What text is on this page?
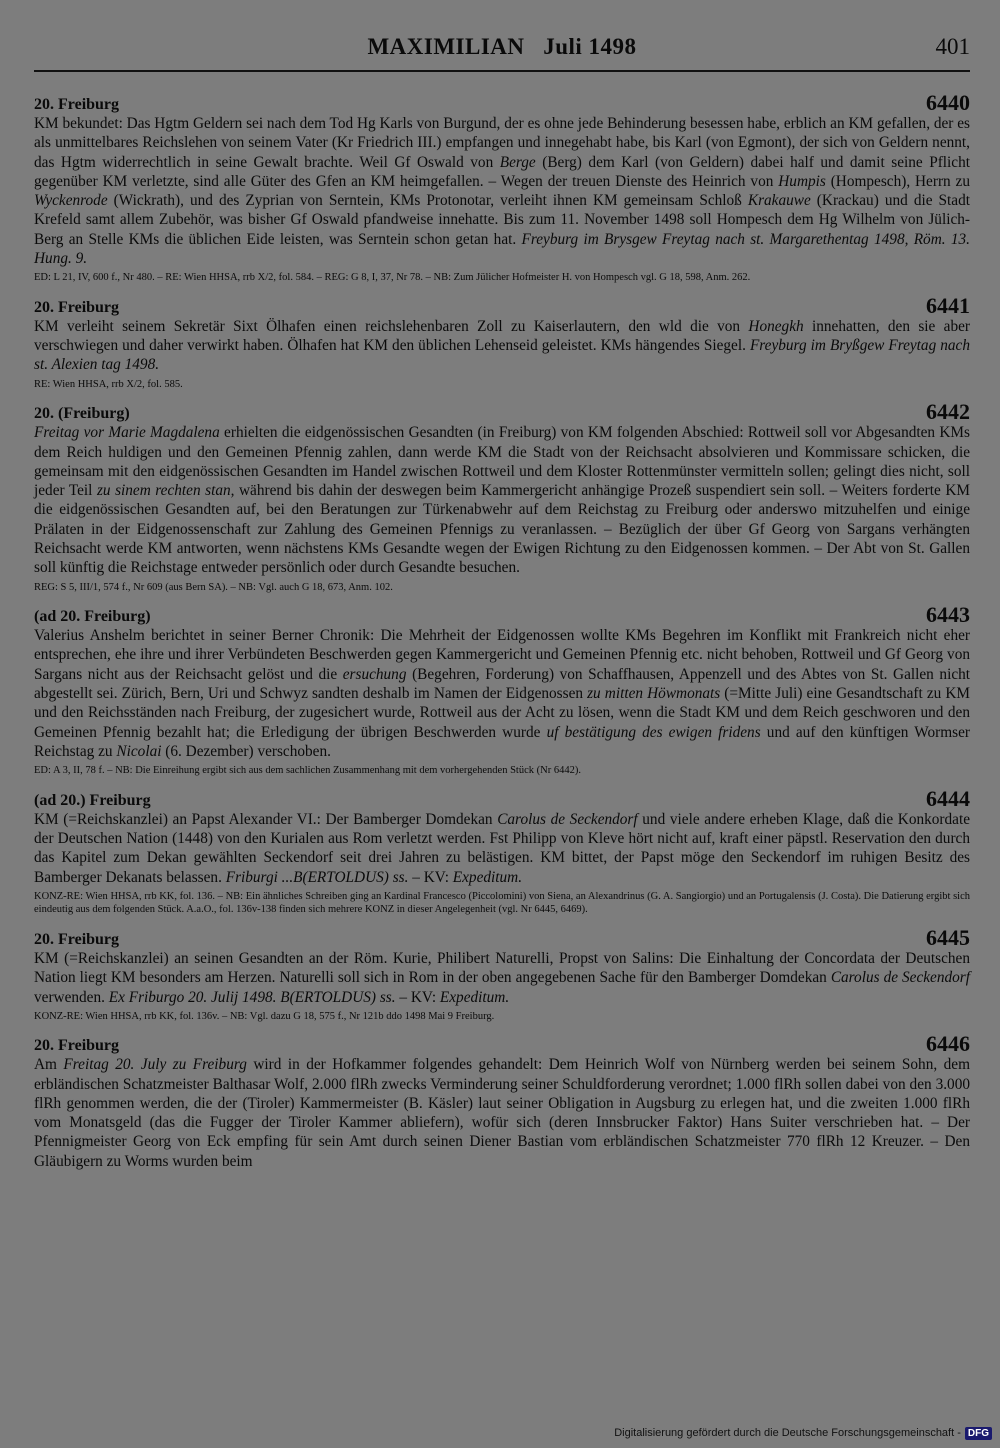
MAXIMILIAN   Juli 1498	401
20. Freiburg	6440

KM bekundet: Das Hgtm Geldern sei nach dem Tod Hg Karls von Burgund, der es ohne jede Behinderung besessen habe, erblich an KM gefallen, der es als unmittelbares Reichslehen von seinem Vater (Kr Friedrich III.) empfangen und innegehabt habe, bis Karl (von Egmont), der sich von Geldern nennt, das Hgtm widerrechtlich in seine Gewalt brachte. Weil Gf Oswald von Berge (Berg) dem Karl (von Geldern) dabei half und damit seine Pflicht gegenüber KM verletzte, sind alle Güter des Gfen an KM heimgefallen. – Wegen der treuen Dienste des Heinrich von Humpis (Hompesch), Herrn zu Wyckenrode (Wickrath), und des Zyprian von Serntein, KMs Protonotar, verleiht ihnen KM gemeinsam Schloß Krakauwe (Krackau) und die Stadt Krefeld samt allem Zubehör, was bisher Gf Oswald pfandweise innehatte. Bis zum 11. November 1498 soll Hompesch dem Hg Wilhelm von Jülich-Berg an Stelle KMs die üblichen Eide leisten, was Serntein schon getan hat. Freyburg im Brysgew Freytag nach st. Margarethentag 1498, Röm. 13. Hung. 9.

ED: L 21, IV, 600 f., Nr 480. – RE: Wien HHSA, rrb X/2, fol. 584. – REG: G 8, I, 37, Nr 78. – NB: Zum Jülicher Hofmeister H. von Hompesch vgl. G 18, 598, Anm. 262.
20. Freiburg	6441

KM verleiht seinem Sekretär Sixt Ölhafen einen reichslehenbaren Zoll zu Kaiserlautern, den wld die von Honegkh innehatten, den sie aber verschwiegen und daher verwirkt haben. Ölhafen hat KM den üblichen Lehenseid geleistet. KMs hängendes Siegel. Freyburg im Bryßgew Freytag nach st. Alexien tag 1498.

RE: Wien HHSA, rrb X/2, fol. 585.
20. (Freiburg)	6442

Freitag vor Marie Magdalena erhielten die eidgenössischen Gesandten (in Freiburg) von KM folgenden Abschied: Rottweil soll vor Abgesandten KMs dem Reich huldigen und den Gemeinen Pfennig zahlen, dann werde KM die Stadt von der Reichsacht absolvieren und Kommissare schicken, die gemeinsam mit den eidgenössischen Gesandten im Handel zwischen Rottweil und dem Kloster Rottenmünster vermitteln sollen; gelingt dies nicht, soll jeder Teil zu sinem rechten stan, während bis dahin der deswegen beim Kammergericht anhängige Prozeß suspendiert sein soll. – Weiters forderte KM die eidgenössischen Gesandten auf, bei den Beratungen zur Türkenabwehr auf dem Reichstag zu Freiburg oder anderswo mitzuhelfen und einige Prälaten in der Eidgenossenschaft zur Zahlung des Gemeinen Pfennigs zu veranlassen. – Bezüglich der über Gf Georg von Sargans verhängten Reichsacht werde KM antworten, wenn nächstens KMs Gesandte wegen der Ewigen Richtung zu den Eidgenossen kommen. – Der Abt von St. Gallen soll künftig die Reichstage entweder persönlich oder durch Gesandte besuchen.

REG: S 5, III/1, 574 f., Nr 609 (aus Bern SA). – NB: Vgl. auch G 18, 673, Anm. 102.
(ad 20. Freiburg)	6443

Valerius Anshelm berichtet in seiner Berner Chronik: Die Mehrheit der Eidgenossen wollte KMs Begehren im Konflikt mit Frankreich nicht eher entsprechen, ehe ihre und ihrer Verbündeten Beschwerden gegen Kammergericht und Gemeinen Pfennig etc. nicht behoben, Rottweil und Gf Georg von Sargans nicht aus der Reichsacht gelöst und die ersuchung (Begehren, Forderung) von Schaffhausen, Appenzell und des Abtes von St. Gallen nicht abgestellt sei. Zürich, Bern, Uri und Schwyz sandten deshalb im Namen der Eidgenossen zu mitten Höwmonats (=Mitte Juli) eine Gesandtschaft zu KM und den Reichsständen nach Freiburg, der zugesichert wurde, Rottweil aus der Acht zu lösen, wenn die Stadt KM und dem Reich geschworen und den Gemeinen Pfennig bezahlt hat; die Erledigung der übrigen Beschwerden wurde uf bestätigung des ewigen fridens und auf den künftigen Wormser Reichstag zu Nicolai (6. Dezember) verschoben.

ED: A 3, II, 78 f. – NB: Die Einreihung ergibt sich aus dem sachlichen Zusammenhang mit dem vorhergehenden Stück (Nr 6442).
(ad 20.) Freiburg	6444

KM (=Reichskanzlei) an Papst Alexander VI.: Der Bamberger Domdekan Carolus de Seckendorf und viele andere erheben Klage, daß die Konkordate der Deutschen Nation (1448) von den Kurialen aus Rom verletzt werden. Fst Philipp von Kleve hört nicht auf, kraft einer päpstl. Reservation den durch das Kapitel zum Dekan gewählten Seckendorf seit drei Jahren zu belästigen. KM bittet, der Papst möge den Seckendorf im ruhigen Besitz des Bamberger Dekanats belassen. Friburgi ...B(ERTOLDUS) ss. – KV: Expeditum.

KONZ-RE: Wien HHSA, rrb KK, fol. 136. – NB: Ein ähnliches Schreiben ging an Kardinal Francesco (Piccolomini) von Siena, an Alexandrinus (G. A. Sangiorgio) und an Portugalensis (J. Costa). Die Datierung ergibt sich eindeutig aus dem folgenden Stück. A.a.O., fol. 136v-138 finden sich mehrere KONZ in dieser Angelegenheit (vgl. Nr 6445, 6469).
20. Freiburg	6445

KM (=Reichskanzlei) an seinen Gesandten an der Röm. Kurie, Philibert Naturelli, Propst von Salins: Die Einhaltung der Concordata der Deutschen Nation liegt KM besonders am Herzen. Naturelli soll sich in Rom in der oben angegebenen Sache für den Bamberger Domdekan Carolus de Seckendorf verwenden. Ex Friburgo 20. Julij 1498. B(ERTOLDUS) ss. – KV: Expeditum.

KONZ-RE: Wien HHSA, rrb KK, fol. 136v. – NB: Vgl. dazu G 18, 575 f., Nr 121b ddo 1498 Mai 9 Freiburg.
20. Freiburg	6446

Am Freitag 20. July zu Freiburg wird in der Hofkammer folgendes gehandelt: Dem Heinrich Wolf von Nürnberg werden bei seinem Sohn, dem erbländischen Schatzmeister Balthasar Wolf, 2.000 flRh zwecks Verminderung seiner Schuldforderung verordnet; 1.000 flRh sollen dabei von den 3.000 flRh genommen werden, die der (Tiroler) Kammermeister (B. Käsler) laut seiner Obligation in Augsburg zu erlegen hat, und die zweiten 1.000 flRh vom Monatsgeld (das die Fugger der Tiroler Kammer abliefern), wofür sich (deren Innsbrucker Faktor) Hans Suiter verschrieben hat. – Der Pfennigmeister Georg von Eck empfing für sein Amt durch seinen Diener Bastian vom erbländischen Schatzmeister 770 flRh 12 Kreuzer. – Den Gläubigern zu Worms wurden beim

Digitalisierung gefördert durch die Deutsche Forschungsgemeinschaft - DFG
